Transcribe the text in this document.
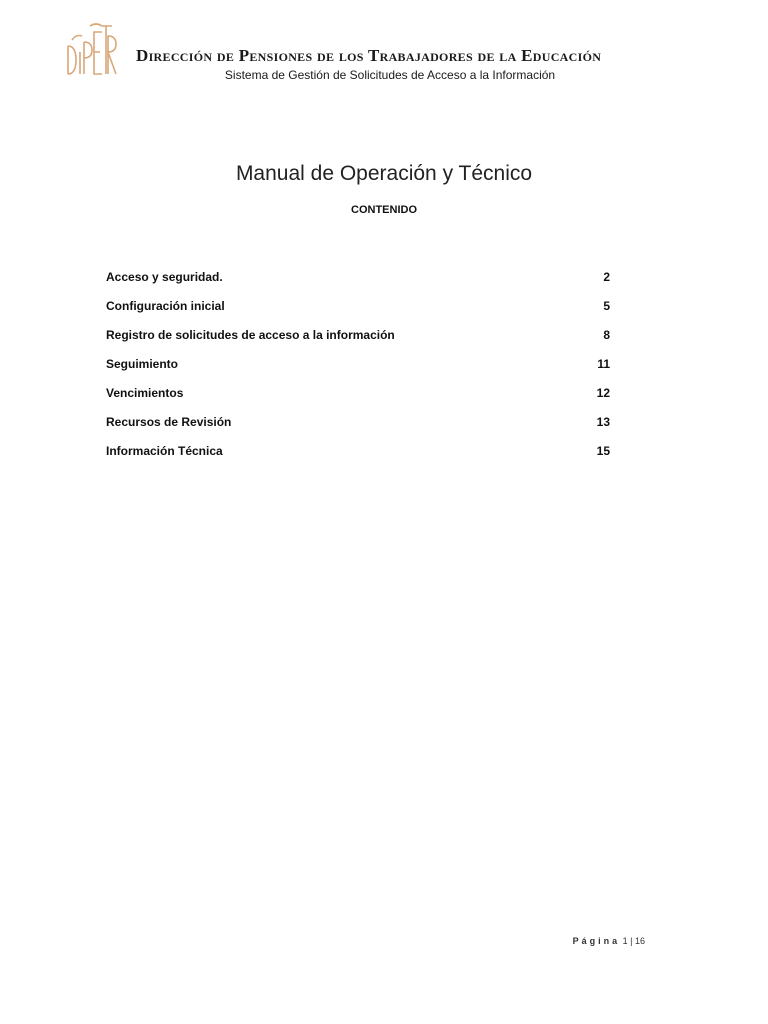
Dirección de Pensiones de los Trabajadores de la Educación
Sistema de Gestión de Solicitudes de Acceso a la Información
Manual de Operación y Técnico
CONTENIDO
Acceso y seguridad.	2
Configuración inicial	5
Registro de solicitudes de acceso a la información	8
Seguimiento	11
Vencimientos	12
Recursos de Revisión	13
Información Técnica	15
Página 1 | 16
